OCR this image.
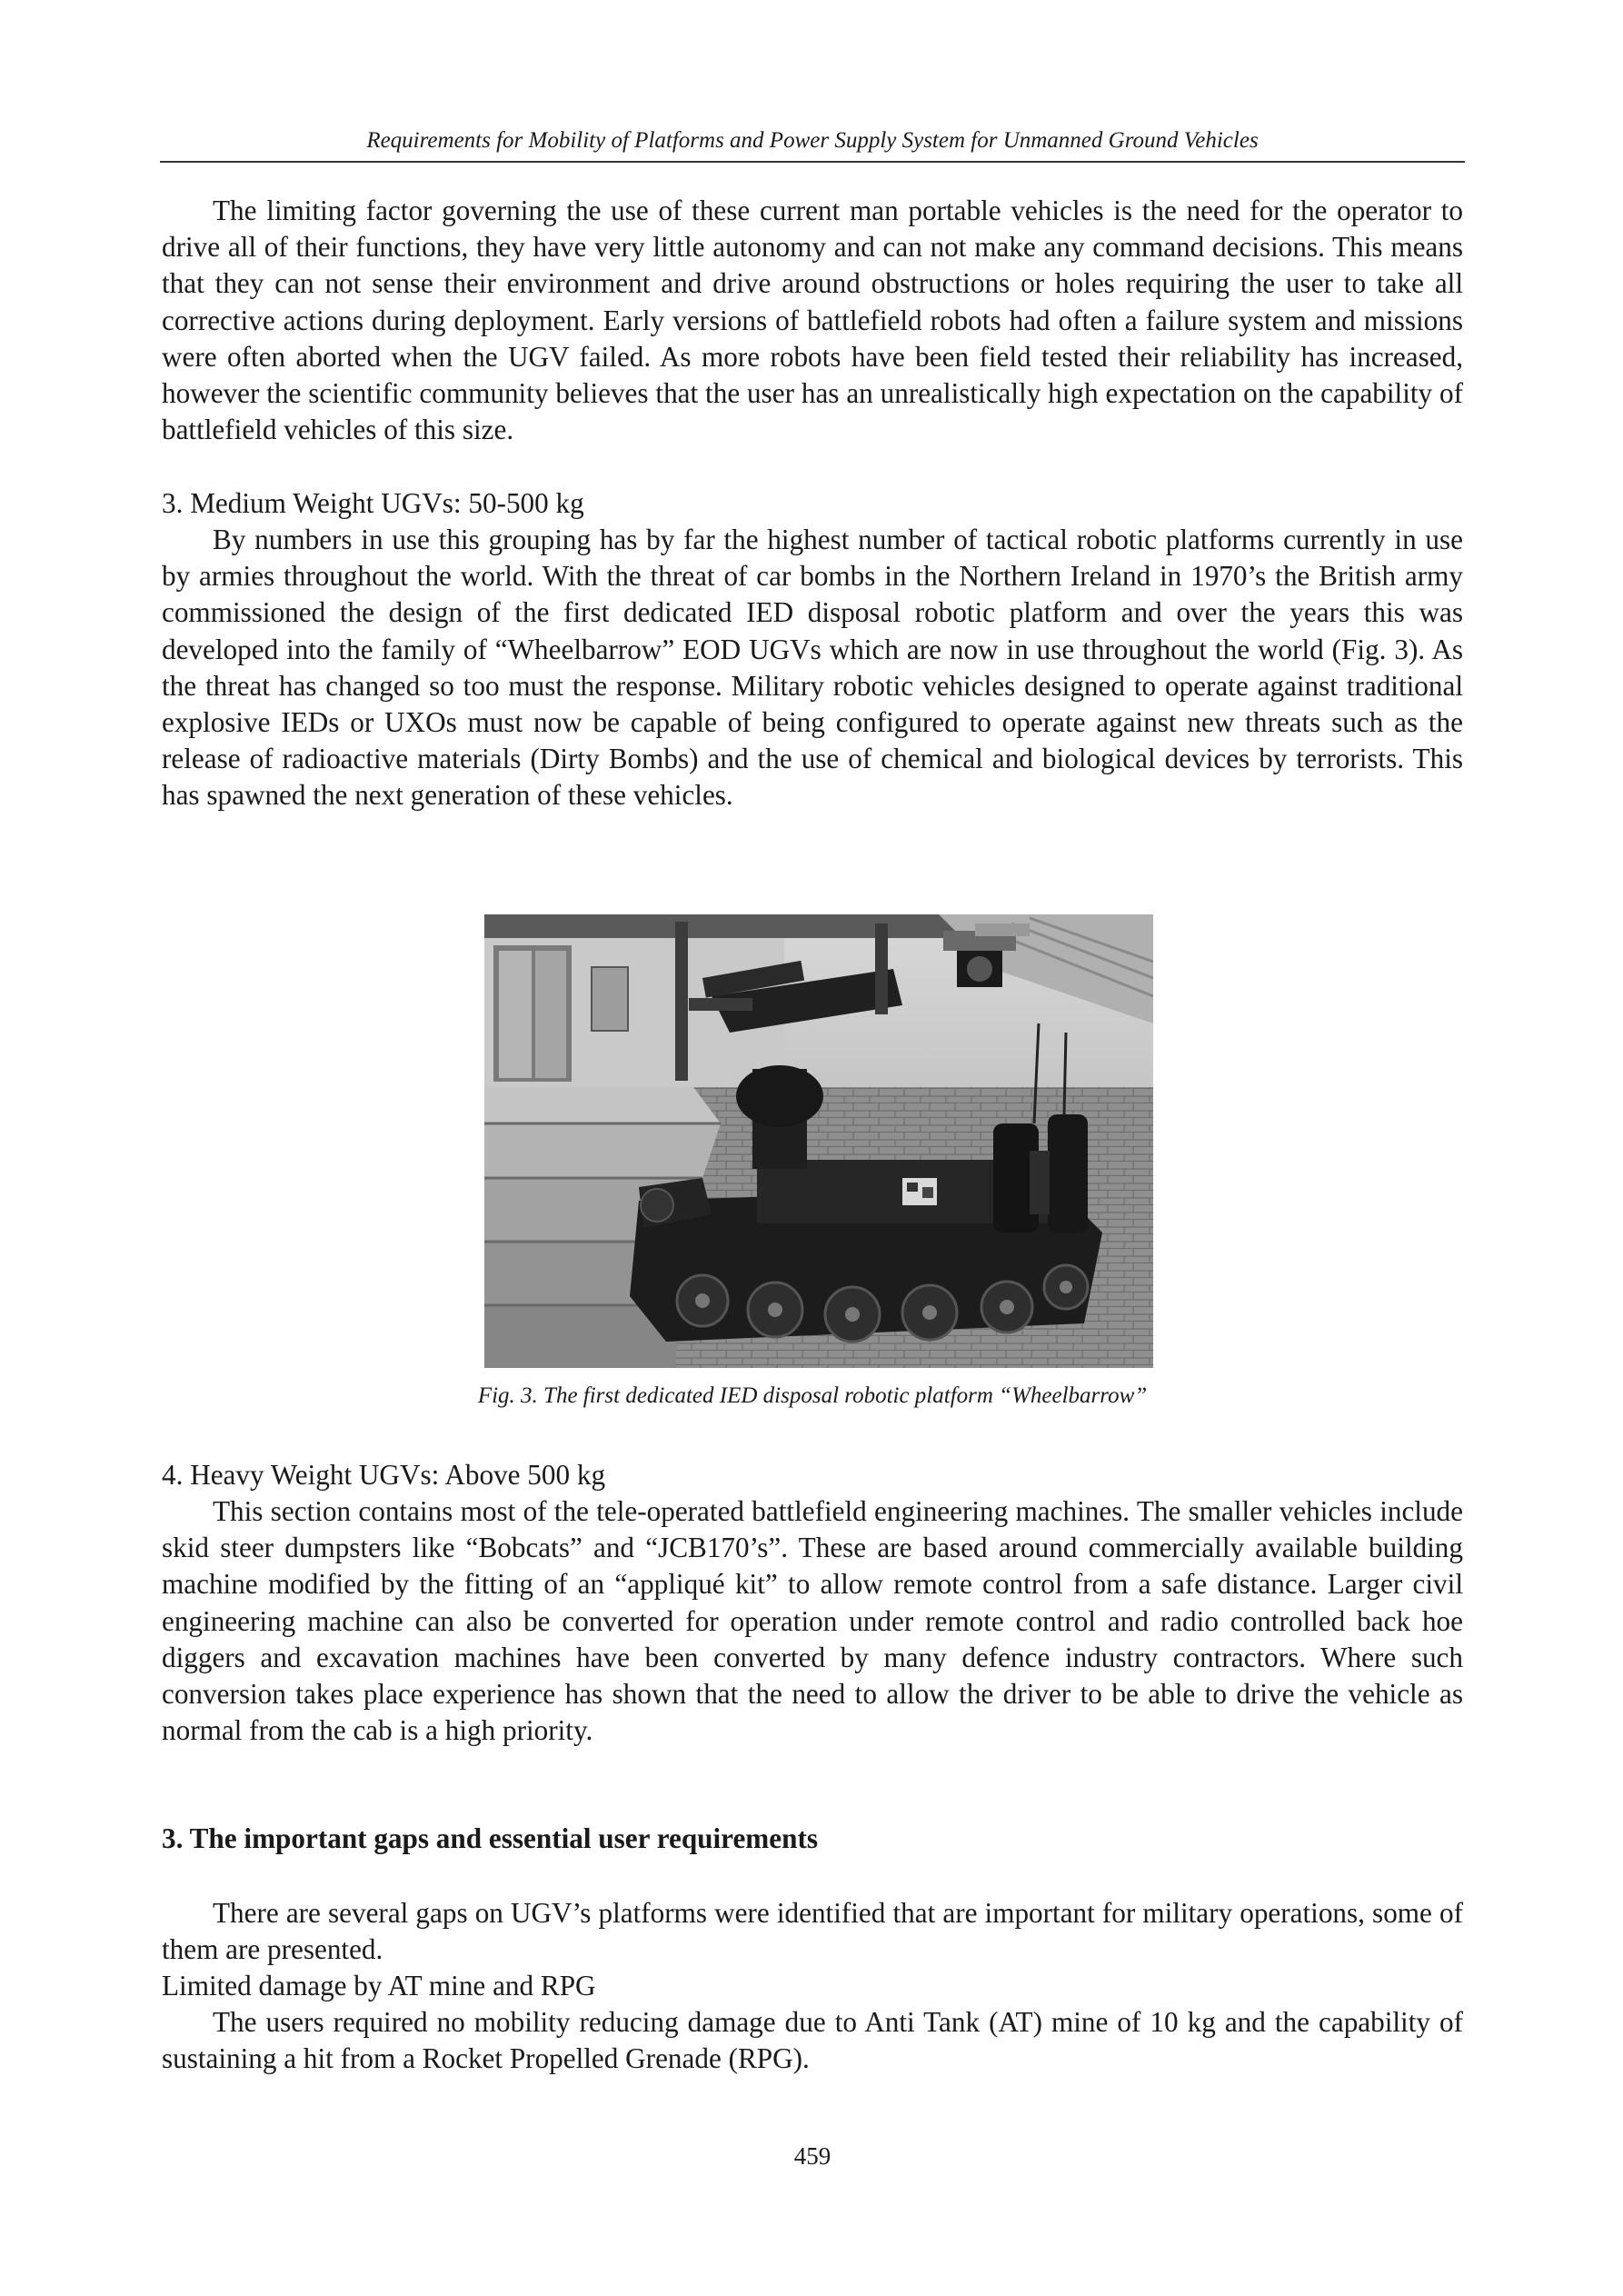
Requirements for Mobility of Platforms and Power Supply System for Unmanned Ground Vehicles
The limiting factor governing the use of these current man portable vehicles is the need for the operator to drive all of their functions, they have very little autonomy and can not make any command decisions. This means that they can not sense their environment and drive around obstructions or holes requiring the user to take all corrective actions during deployment. Early versions of battlefield robots had often a failure system and missions were often aborted when the UGV failed. As more robots have been field tested their reliability has increased, however the scientific community believes that the user has an unrealistically high expectation on the capability of battlefield vehicles of this size.
3. Medium Weight UGVs: 50-500 kg
By numbers in use this grouping has by far the highest number of tactical robotic platforms currently in use by armies throughout the world. With the threat of car bombs in the Northern Ireland in 1970’s the British army commissioned the design of the first dedicated IED disposal robotic platform and over the years this was developed into the family of “Wheelbarrow” EOD UGVs which are now in use throughout the world (Fig. 3). As the threat has changed so too must the response. Military robotic vehicles designed to operate against traditional explosive IEDs or UXOs must now be capable of being configured to operate against new threats such as the release of radioactive materials (Dirty Bombs) and the use of chemical and biological devices by terrorists. This has spawned the next generation of these vehicles.
Fig. 3. The first dedicated IED disposal robotic platform “Wheelbarrow”
4. Heavy Weight UGVs: Above 500 kg
This section contains most of the tele-operated battlefield engineering machines. The smaller vehicles include skid steer dumpsters like “Bobcats” and “JCB170’s”. These are based around commercially available building machine modified by the fitting of an “appliqué kit” to allow remote control from a safe distance. Larger civil engineering machine can also be converted for operation under remote control and radio controlled back hoe diggers and excavation machines have been converted by many defence industry contractors. Where such conversion takes place experience has shown that the need to allow the driver to be able to drive the vehicle as normal from the cab is a high priority.
3. The important gaps and essential user requirements
There are several gaps on UGV’s platforms were identified that are important for military operations, some of them are presented.
Limited damage by AT mine and RPG
The users required no mobility reducing damage due to Anti Tank (AT) mine of 10 kg and the capability of sustaining a hit from a Rocket Propelled Grenade (RPG).
459
